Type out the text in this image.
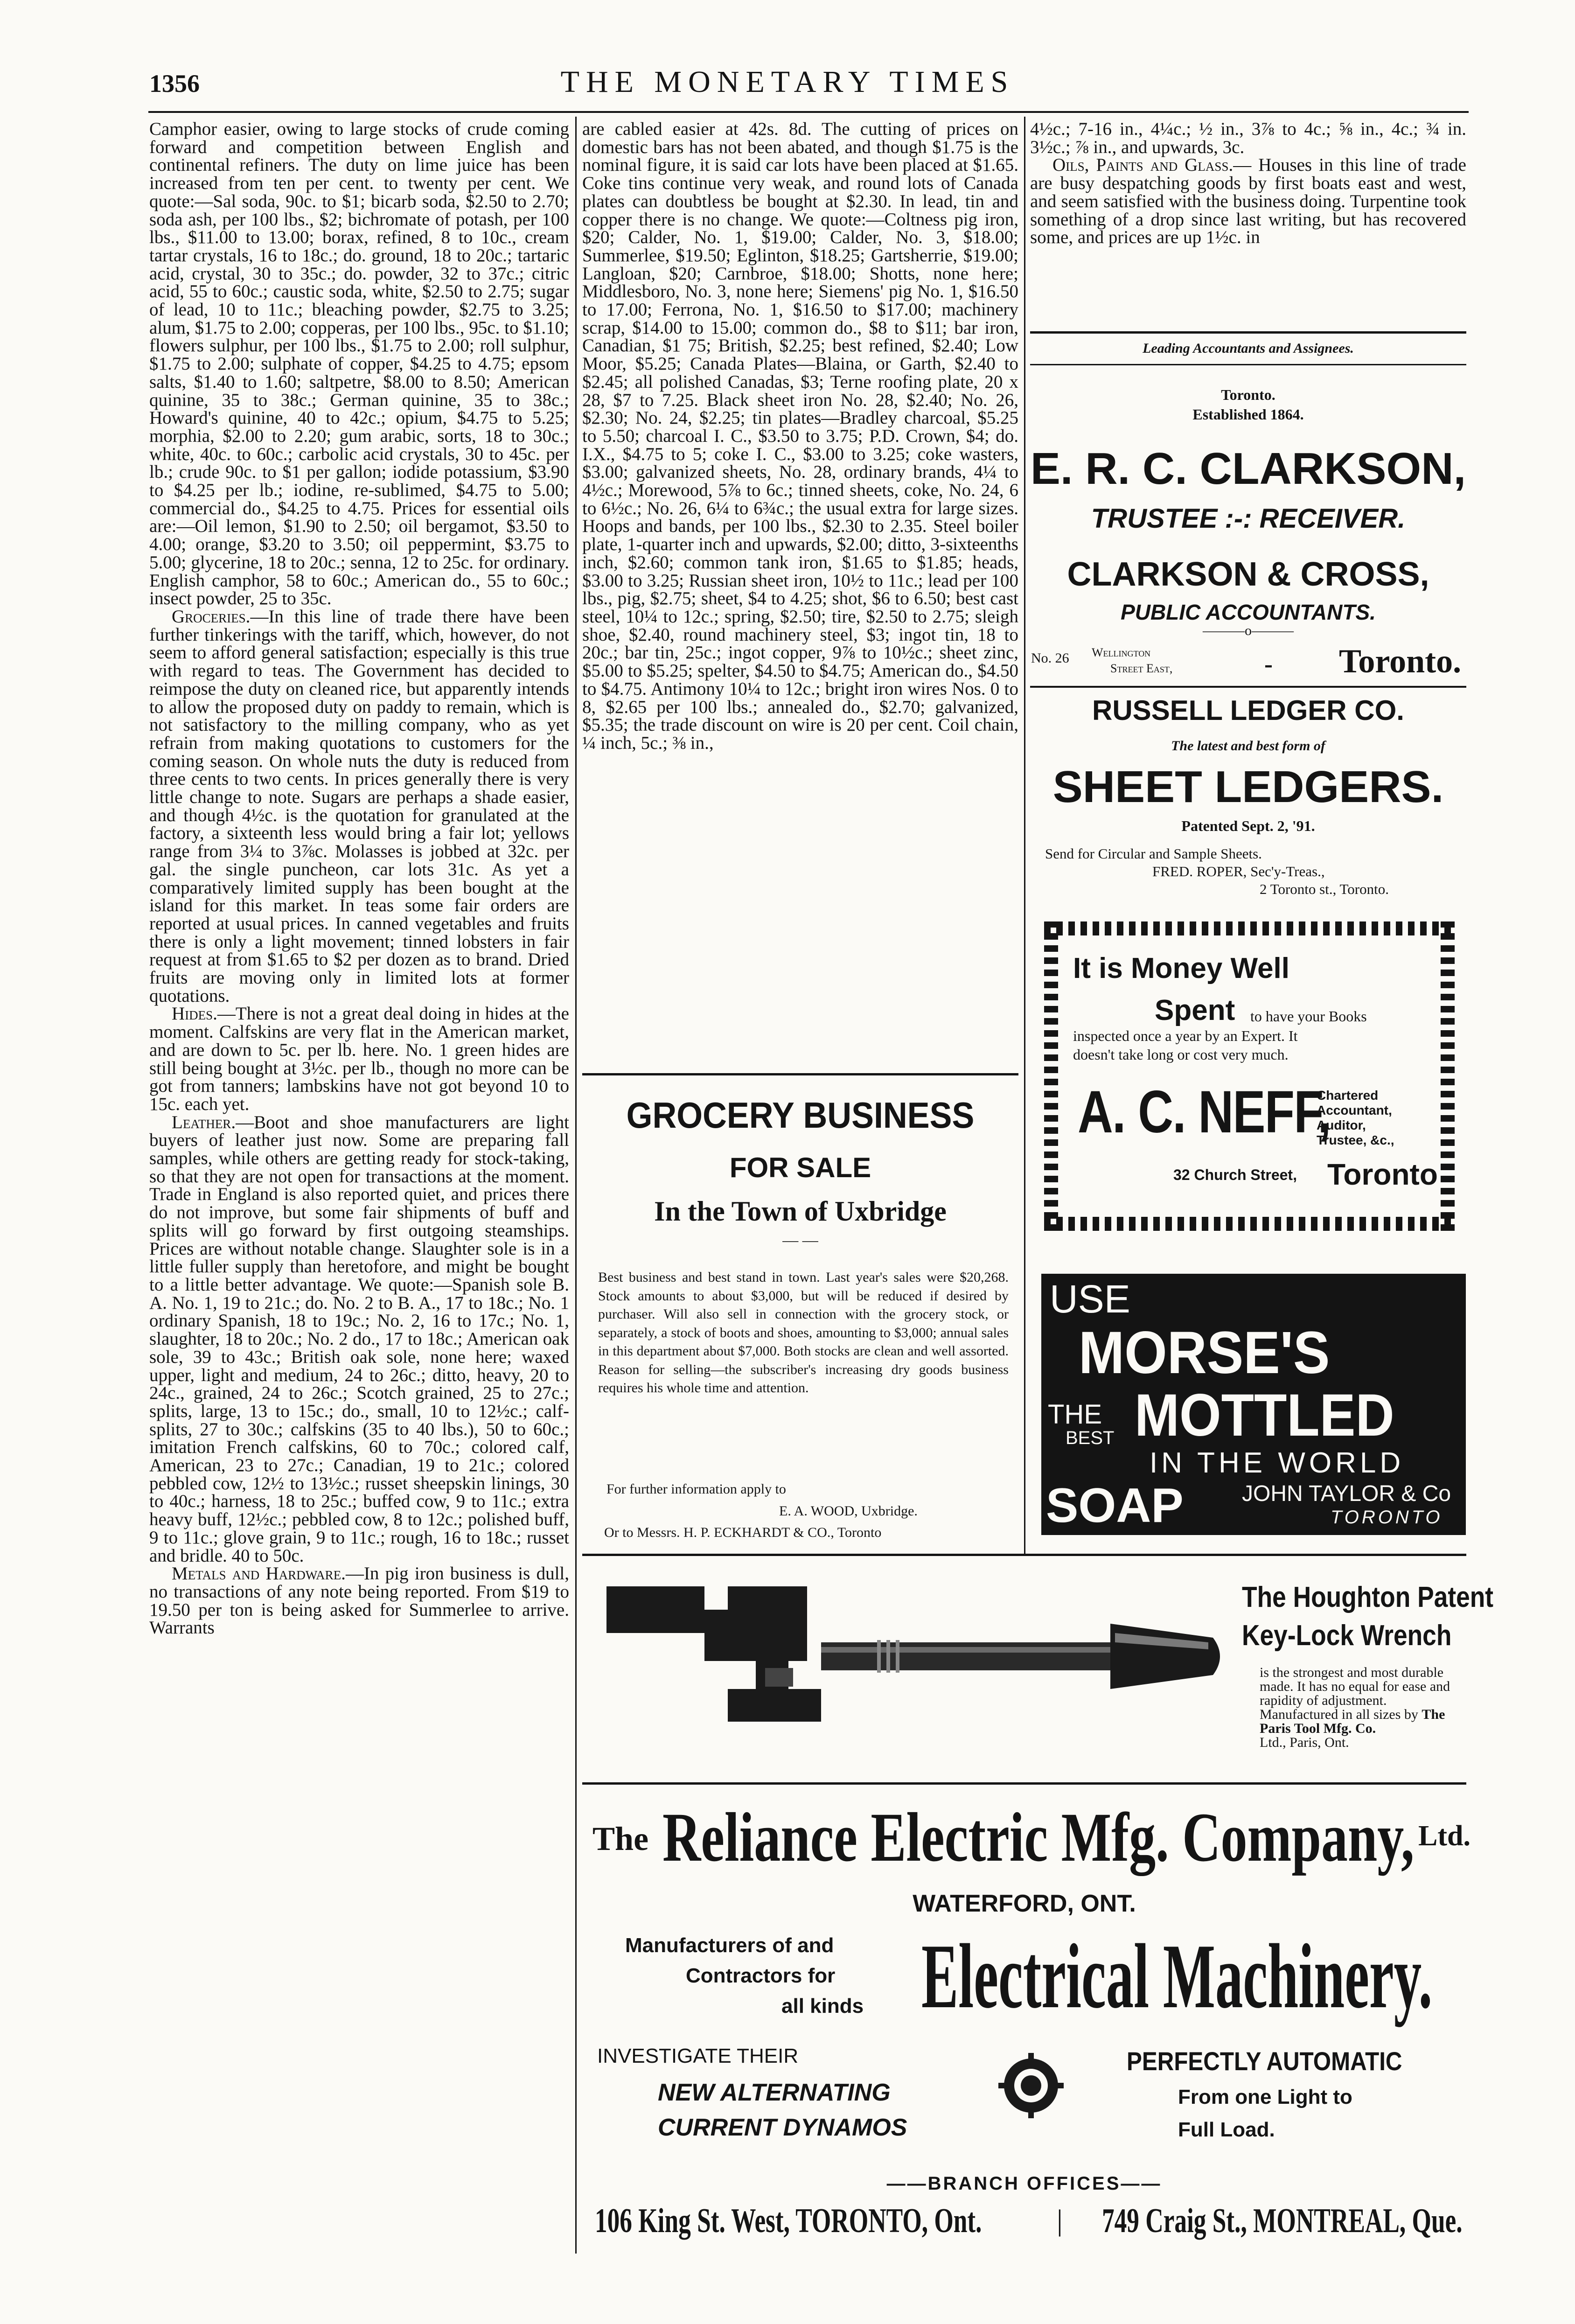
1356	THE MONETARY TIMES

Camphor easier, owing to large stocks of crude coming forward and competition between English and continental refiners. The duty on lime juice has been increased from ten per cent. to twenty per cent. We quote:—Sal soda, 90c. to $1; bicarb soda, $2.50 to 2.70; soda ash, per 100 lbs., $2; bichromate of potash, per 100 lbs., $11.00 to 13.00; borax, refined, 8 to 10c., cream tartar crystals, 16 to 18c.; do. ground, 18 to 20c.; tartaric acid, crystal, 30 to 35c.; do. powder, 32 to 37c.; citric acid, 55 to 60c.; caustic soda, white, $2.50 to 2.75; sugar of lead, 10 to 11c.; bleaching powder, $2.75 to 3.25; alum, $1.75 to 2.00; copperas, per 100 lbs., 95c. to $1.10; flowers sulphur, per 100 lbs., $1.75 to 2.00; roll sulphur, $1.75 to 2.00; sulphate of copper, $4.25 to 4.75; epsom salts, $1.40 to 1.60; saltpetre, $8.00 to 8.50; American quinine, 35 to 38c.; German quinine, 35 to 38c.; Howard's quinine, 40 to 42c.; opium, $4.75 to 5.25; morphia, $2.00 to 2.20; gum arabic, sorts, 18 to 30c.; white, 40c. to 60c.; carbolic acid crystals, 30 to 45c. per lb.; crude 90c. to $1 per gallon; iodide potassium, $3.90 to $4.25 per lb.; iodine, re-sublimed, $4.75 to 5.00; commercial do., $4.25 to 4.75. Prices for essential oils are:—Oil lemon, $1.90 to 2.50; oil bergamot, $3.50 to 4.00; orange, $3.20 to 3.50; oil peppermint, $3.75 to 5.00; glycerine, 18 to 20c.; senna, 12 to 25c. for ordinary. English camphor, 58 to 60c.; American do., 55 to 60c.; insect powder, 25 to 35c.

Groceries.—In this line of trade there have been further tinkerings with the tariff, which, however, do not seem to afford general satisfaction; especially is this true with regard to teas. The Government has decided to reimpose the duty on cleaned rice, but apparently intends to allow the proposed duty on paddy to remain, which is not satisfactory to the milling company, who as yet refrain from making quotations to customers for the coming season. On whole nuts the duty is reduced from three cents to two cents. In prices generally there is very little change to note. Sugars are perhaps a shade easier, and though 4½c. is the quotation for granulated at the factory, a sixteenth less would bring a fair lot; yellows range from 3¼ to 3⅞c. Molasses is jobbed at 32c. per gal. the single puncheon, car lots 31c. As yet a comparatively limited supply has been bought at the island for this market. In teas some fair orders are reported at usual prices. In canned vegetables and fruits there is only a light movement; tinned lobsters in fair request at from $1.65 to $2 per dozen as to brand. Dried fruits are moving only in limited lots at former quotations.

Hides.—There is not a great deal doing in hides at the moment. Calfskins are very flat in the American market, and are down to 5c. per lb. here. No. 1 green hides are still being bought at 3½c. per lb., though no more can be got from tanners; lambskins have not got beyond 10 to 15c. each yet.

Leather.—Boot and shoe manufacturers are light buyers of leather just now. Some are preparing fall samples, while others are getting ready for stock-taking, so that they are not open for transactions at the moment. Trade in England is also reported quiet, and prices there do not improve, but some fair shipments of buff and splits will go forward by first outgoing steamships. Prices are without notable change. Slaughter sole is in a little fuller supply than heretofore, and might be bought to a little better advantage. We quote:—Spanish sole B. A. No. 1, 19 to 21c.; do. No. 2 to B. A., 17 to 18c.; No. 1 ordinary Spanish, 18 to 19c.; No. 2, 16 to 17c.; No. 1, slaughter, 18 to 20c.; No. 2 do., 17 to 18c.; American oak sole, 39 to 43c.; British oak sole, none here; waxed upper, light and medium, 24 to 26c.; ditto, heavy, 20 to 24c., grained, 24 to 26c.; Scotch grained, 25 to 27c.; splits, large, 13 to 15c.; do., small, 10 to 12½c.; calf-splits, 27 to 30c.; calfskins (35 to 40 lbs.), 50 to 60c.; imitation French calfskins, 60 to 70c.; colored calf, American, 23 to 27c.; Canadian, 19 to 21c.; colored pebbled cow, 12½ to 13½c.; russet sheepskin linings, 30 to 40c.; harness, 18 to 25c.; buffed cow, 9 to 11c.; extra heavy buff, 12½c.; pebbled cow, 8 to 12c.; polished buff, 9 to 11c.; glove grain, 9 to 11c.; rough, 16 to 18c.; russet and bridle. 40 to 50c.

Metals and Hardware.—In pig iron business is dull, no transactions of any note being reported. From $19 to 19.50 per ton is being asked for Summerlee to arrive. Warrants

are cabled easier at 42s. 8d. The cutting of prices on domestic bars has not been abated, and though $1.75 is the nominal figure, it is said car lots have been placed at $1.65. Coke tins continue very weak, and round lots of Canada plates can doubtless be bought at $2.30. In lead, tin and copper there is no change. We quote:—Coltness pig iron, $20; Calder, No. 1, $19.00; Calder, No. 3, $18.00; Summerlee, $19.50; Eglinton, $18.25; Gartsherrie, $19.00; Langloan, $20; Carnbroe, $18.00; Shotts, none here; Middlesboro, No. 3, none here; Siemens' pig No. 1, $16.50 to 17.00; Ferrona, No. 1, $16.50 to $17.00; machinery scrap, $14.00 to 15.00; common do., $8 to $11; bar iron, Canadian, $1 75; British, $2.25; best refined, $2.40; Low Moor, $5.25; Canada Plates—Blaina, or Garth, $2.40 to $2.45; all polished Canadas, $3; Terne roofing plate, 20 x 28, $7 to 7.25. Black sheet iron No. 28, $2.40; No. 26, $2.30; No. 24, $2.25; tin plates—Bradley charcoal, $5.25 to 5.50; charcoal I. C., $3.50 to 3.75; P.D. Crown, $4; do. I.X., $4.75 to 5; coke I. C., $3.00 to 3.25; coke wasters, $3.00; galvanized sheets, No. 28, ordinary brands, 4¼ to 4½c.; Morewood, 5⅞ to 6c.; tinned sheets, coke, No. 24, 6 to 6½c.; No. 26, 6¼ to 6¾c.; the usual extra for large sizes. Hoops and bands, per 100 lbs., $2.30 to 2.35. Steel boiler plate, 1-quarter inch and upwards, $2.00; ditto, 3-sixteenths inch, $2.60; common tank iron, $1.65 to $1.85; heads, $3.00 to 3.25; Russian sheet iron, 10½ to 11c.; lead per 100 lbs., pig, $2.75; sheet, $4 to 4.25; shot, $6 to 6.50; best cast steel, 10¼ to 12c.; spring, $2.50; tire, $2.50 to 2.75; sleigh shoe, $2.40, round machinery steel, $3; ingot tin, 18 to 20c.; bar tin, 25c.; ingot copper, 9⅞ to 10½c.; sheet zinc, $5.00 to $5.25; spelter, $4.50 to $4.75; American do., $4.50 to $4.75. Antimony 10¼ to 12c.; bright iron wires Nos. 0 to 8, $2.65 per 100 lbs.; annealed do., $2.70; galvanized, $5.35; the trade discount on wire is 20 per cent. Coil chain, ¼ inch, 5c.; ⅜ in.,

4½c.; 7-16 in., 4¼c.; ½ in., 3⅞ to 4c.; ⅝ in., 4c.; ¾ in. 3½c.; ⅞ in., and upwards, 3c.

Oils, Paints and Glass.— Houses in this line of trade are busy despatching goods by first boats east and west, and seem satisfied with the business doing. Turpentine took something of a drop since last writing, but has recovered some, and prices are up 1½c. in

Leading Accountants and Assignees.
Toronto.
Established 1864.
E. R. C. CLARKSON,
TRUSTEE :-: RECEIVER.
CLARKSON & CROSS,
PUBLIC ACCOUNTANTS.
———o———
No. 26 Wellington
Street East,	- Toronto.
RUSSELL LEDGER CO.
The latest and best form of
SHEET LEDGERS.
Patented Sept. 2, '91.
Send for Circular and Sample Sheets.
FRED. ROPER, Sec'y-Treas.,
2 Toronto st., Toronto.
It is Money Well
Spent to have your Books
inspected once a year by an Expert. It
doesn't take long or cost very much.
A. C. NEFF,
Chartered
Accountant,
Auditor,
Trustee, &c.,
32 Church Street, Toronto
USE
MORSE'S
THE
BEST MOTTLED
IN THE WORLD
SOAP	JOHN TAYLOR & Co
TORONTO
GROCERY BUSINESS
FOR SALE
In the Town of Uxbridge
— —
Best business and best stand in town. Last year's sales were $20,268. Stock amounts to about $3,000, but will be reduced if desired by purchaser. Will also sell in connection with the grocery stock, or separately, a stock of boots and shoes, amounting to $3,000; annual sales in this department about $7,000. Both stocks are clean and well assorted. Reason for selling—the subscriber's increasing dry goods business requires his whole time and attention.
For further information apply to
E. A. WOOD, Uxbridge.
Or to Messrs. H. P. ECKHARDT & CO., Toronto
The Houghton Patent
Key-Lock Wrench
is the strongest and most durable made. It has no equal for ease and rapidity of adjustment. Manufactured in all sizes by The Paris Tool Mfg. Co.
Ltd., Paris, Ont.
The Reliance Electric Mfg. Company, Ltd.
WATERFORD, ONT.
Manufacturers of and
Contractors for
all kinds Electrical Machinery.
INVESTIGATE THEIR
NEW ALTERNATING
CURRENT DYNAMOS
PERFECTLY AUTOMATIC
From one Light to
Full Load.
——BRANCH OFFICES——
106 King St. West, TORONTO, Ont.	| 749 Craig St., MONTREAL, Que.
